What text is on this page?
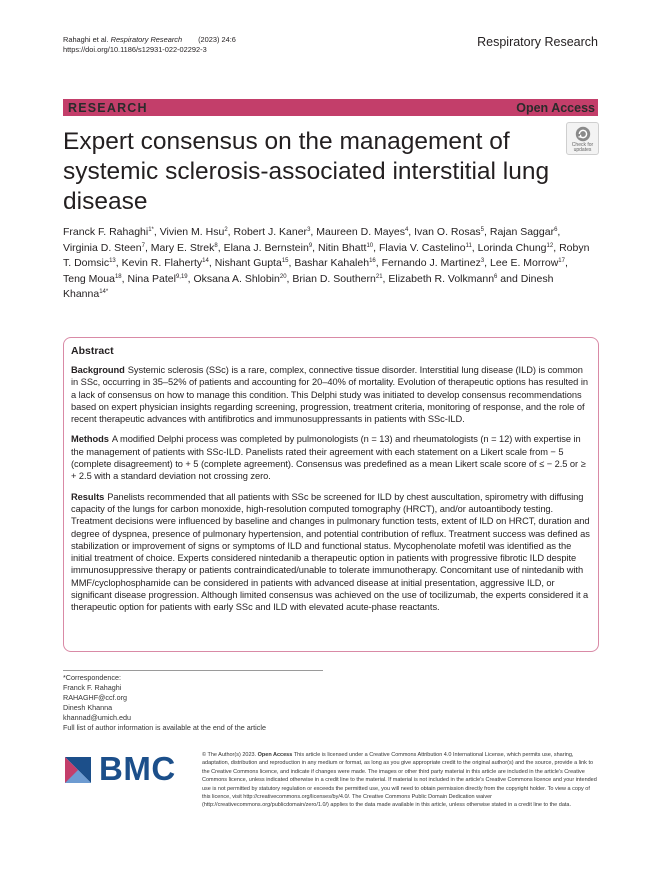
Rahaghi et al. Respiratory Research (2023) 24:6
https://doi.org/10.1186/s12931-022-02292-3
Respiratory Research
RESEARCH	Open Access
Check for
updates
Expert consensus on the management of systemic sclerosis-associated interstitial lung disease
Franck F. Rahaghi$^{1*}$, Vivien M. Hsu$^2$, Robert J. Kaner$^3$, Maureen D. Mayes$^4$, Ivan O. Rosas$^5$, Rajan Saggar$^6$, Virginia D. Steen$^7$, Mary E. Strek$^8$, Elana J. Bernstein$^9$, Nitin Bhatt$^{10}$, Flavia V. Castelino$^{11}$, Lorinda Chung$^{12}$, Robyn T. Domsic$^{13}$, Kevin R. Flaherty$^{14}$, Nishant Gupta$^{15}$, Bashar Kahaleh$^{16}$, Fernando J. Martinez$^3$, Lee E. Morrow$^{17}$, Teng Moua$^{18}$, Nina Patel$^{9,19}$, Oksana A. Shlobin$^{20}$, Brian D. Southern$^{21}$, Elizabeth R. Volkmann$^6$ and Dinesh Khanna$^{14*}$
Abstract

Background Systemic sclerosis (SSc) is a rare, complex, connective tissue disorder. Interstitial lung disease (ILD) is common in SSc, occurring in 35–52% of patients and accounting for 20–40% of mortality. Evolution of therapeutic options has resulted in a lack of consensus on how to manage this condition. This Delphi study was initiated to develop consensus recommendations based on expert physician insights regarding screening, progression, treatment criteria, monitoring of response, and the role of recent therapeutic advances with antifibrotics and immunosuppressants in patients with SSc-ILD.

Methods A modified Delphi process was completed by pulmonologists (n = 13) and rheumatologists (n = 12) with expertise in the management of patients with SSc-ILD. Panelists rated their agreement with each statement on a Likert scale from − 5 (complete disagreement) to + 5 (complete agreement). Consensus was predefined as a mean Likert scale score of ≤ − 2.5 or ≥ + 2.5 with a standard deviation not crossing zero.

Results Panelists recommended that all patients with SSc be screened for ILD by chest auscultation, spirometry with diffusing capacity of the lungs for carbon monoxide, high-resolution computed tomography (HRCT), and/or autoantibody testing. Treatment decisions were influenced by baseline and changes in pulmonary function tests, extent of ILD on HRCT, duration and degree of dyspnea, presence of pulmonary hypertension, and potential contribution of reflux. Treatment success was defined as stabilization or improvement of signs or symptoms of ILD and functional status. Mycophenolate mofetil was identified as the initial treatment of choice. Experts considered nintedanib a therapeutic option in patients with progressive fibrotic ILD despite immunosuppressive therapy or patients contraindicated/unable to tolerate immunotherapy. Concomitant use of nintedanib with MMF/cyclophosphamide can be considered in patients with advanced disease at initial presentation, aggressive ILD, or significant disease progression. Although limited consensus was achieved on the use of tocilizumab, the experts considered it a therapeutic option for patients with early SSc and ILD with elevated acute-phase reactants.

*Correspondence:
Franck F. Rahaghi
RAHAGHF@ccf.org
Dinesh Khanna
khannad@umich.edu
Full list of author information is available at the end of the article
BMC	© The Author(s) 2023. Open Access This article is licensed under a Creative Commons Attribution 4.0 International License, which permits use, sharing, adaptation, distribution and reproduction in any medium or format, as long as you give appropriate credit to the original author(s) and the source, provide a link to the Creative Commons licence, and indicate if changes were made. The images or other third party material in this article are included in the article's Creative Commons licence, unless indicated otherwise in a credit line to the material. If material is not included in the article's Creative Commons licence and your intended use is not permitted by statutory regulation or exceeds the permitted use, you will need to obtain permission directly from the copyright holder. To view a copy of this licence, visit http://creativecommons.org/licenses/by/4.0/. The Creative Commons Public Domain Dedication waiver (http://creativecommons.org/publicdomain/zero/1.0/) applies to the data made available in this article, unless otherwise stated in a credit line to the data.
